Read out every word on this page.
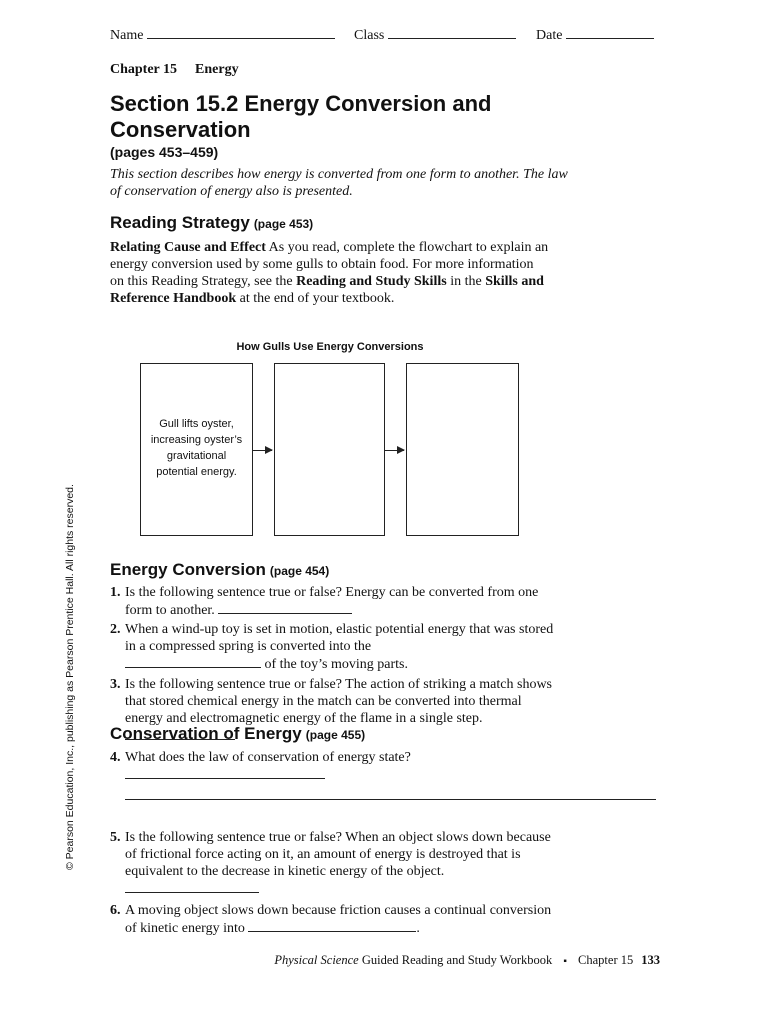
Name	Class	Date
Chapter 15 Energy
Section 15.2 Energy Conversion and Conservation
(pages 453–459)
This section describes how energy is converted from one form to another. The law of conservation of energy also is presented.
Reading Strategy (page 453)
Relating Cause and Effect As you read, complete the flowchart to explain an energy conversion used by some gulls to obtain food. For more information on this Reading Strategy, see the Reading and Study Skills in the Skills and Reference Handbook at the end of your textbook.
How Gulls Use Energy Conversions
Gull lifts oyster, increasing oyster’s gravitational potential energy.
Energy Conversion (page 454)
1. Is the following sentence true or false? Energy can be converted from one form to another.
2. When a wind-up toy is set in motion, elastic potential energy that was stored in a compressed spring is converted into the
of the toy’s moving parts.
3. Is the following sentence true or false? The action of striking a match shows that stored chemical energy in the match can be converted into thermal energy and electromagnetic energy of the flame in a single step.
Conservation of Energy (page 455)
4. What does the law of conservation of energy state?
5. Is the following sentence true or false? When an object slows down because of frictional force acting on it, an amount of energy is destroyed that is equivalent to the decrease in kinetic energy of the object.
6. A moving object slows down because friction causes a continual conversion of kinetic energy into	.
© Pearson Education, Inc., publishing as Pearson Prentice Hall. All rights reserved.
Physical Science Guided Reading and Study Workbook ▪ Chapter 15 133
